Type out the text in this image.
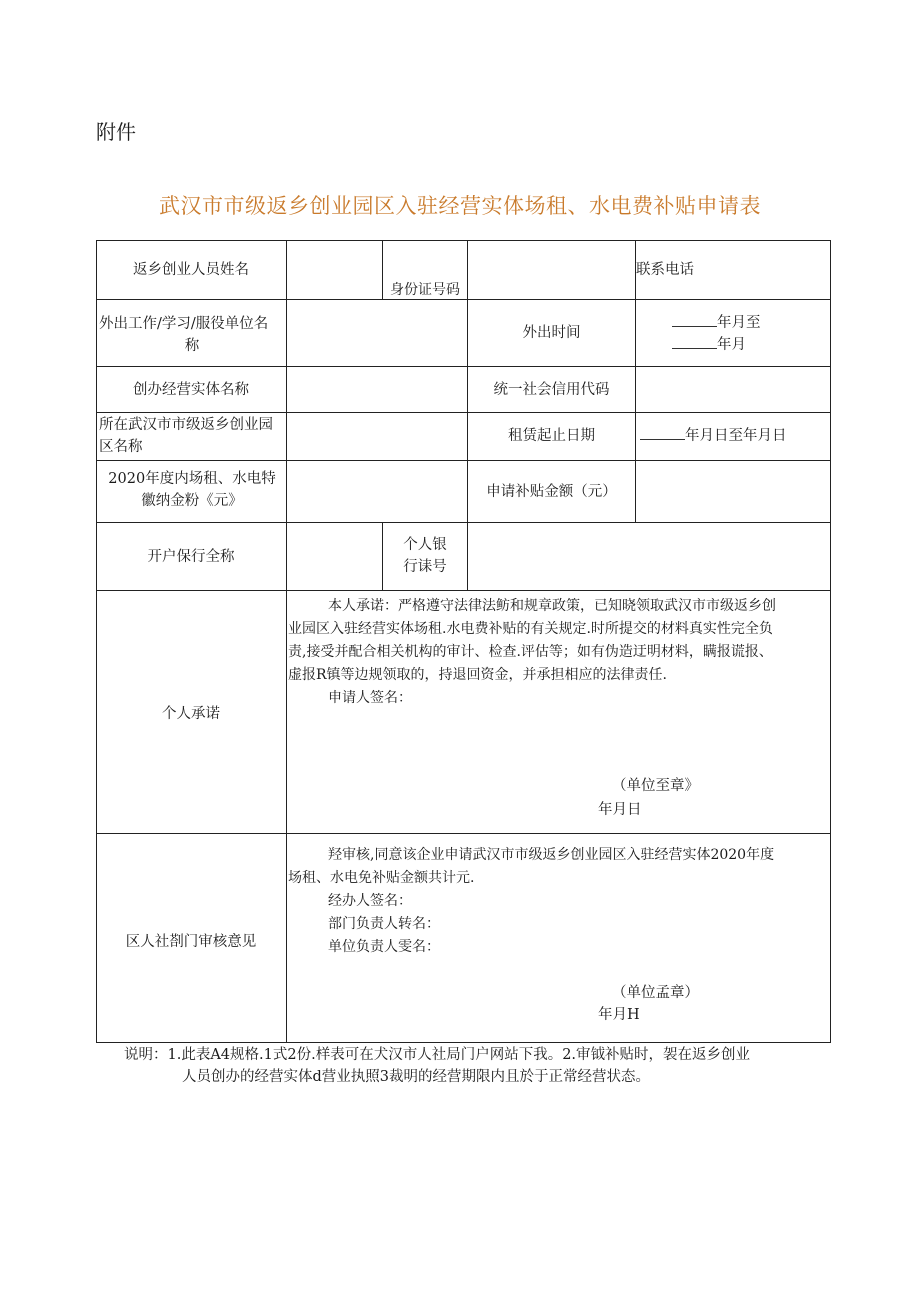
附件
武汉市市级返乡创业园区入驻经营实体场租、水电费补贴申请表
返乡创业人员姓名
身份证号码
联系电话
外出工作/学习/服役单位名
称
外出时间
年月至
年月
创办经营实体名称	统一社会信用代码
所在武汉市市级返乡创业园
区名称
租赁起止日期	年月日至年月日
2020年度内场租、水电特
徽纳金粉《元》
申请补贴金额（元）
开户保行全称
个人银
行诔号
个人承诺
本人承诺：严格遵守法律法鲂和规章政策，已知晓领取武汉市市级返乡创
业园区入驻经营实体场租.水电费补贴的有关规定.时所提交的材料真实性完全负
责,接受并配合相关机构的审计、检查.评估等；如有伪造迂明材料，瞒报谎报、
虚报R镇等边规领取的，持退回资金，并承担相应的法律责任.
申请人签名：
（单位至章》
年月日
区人社剳门审核意见
羟审核,同意该企业申请武汉市市级返乡创业园区入驻经营实体2020年度
场租、水电免补贴金额共计元.
经办人签名：
部门负责人转名：
单位负责人雯名：
（单位孟章）
年月H
说明：1.此表A4规格.1式2份.样表可在犬汉市人社局门户网站下我。2.审钺补贴时，袈在返乡创业
人员创办的经营实体d营业执照3裁明的经营期限内且於于正常经营状态。
